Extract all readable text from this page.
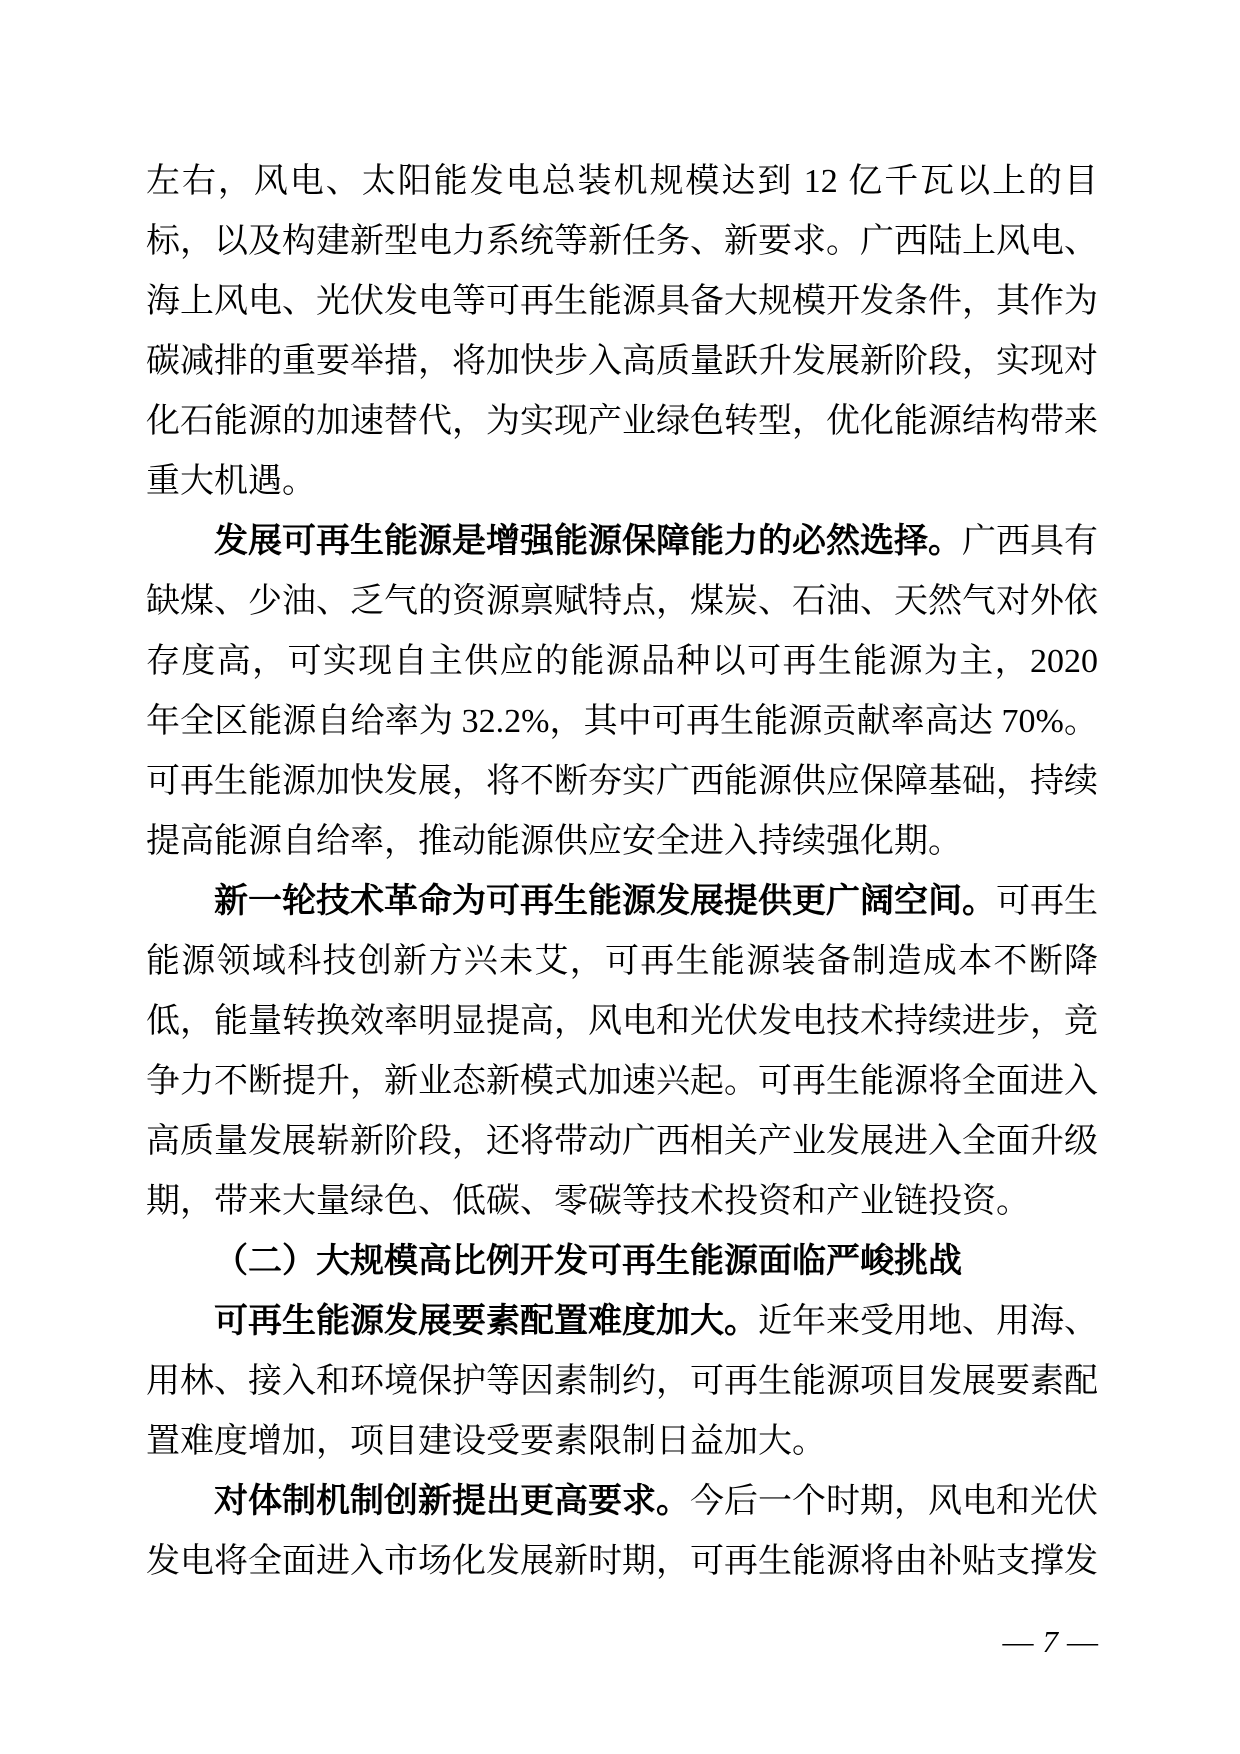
左右，风电、太阳能发电总装机规模达到 12 亿千瓦以上的目标，以及构建新型电力系统等新任务、新要求。广西陆上风电、海上风电、光伏发电等可再生能源具备大规模开发条件，其作为碳减排的重要举措，将加快步入高质量跃升发展新阶段，实现对化石能源的加速替代，为实现产业绿色转型，优化能源结构带来重大机遇。

发展可再生能源是增强能源保障能力的必然选择。广西具有缺煤、少油、乏气的资源禀赋特点，煤炭、石油、天然气对外依存度高，可实现自主供应的能源品种以可再生能源为主，2020 年全区能源自给率为 32.2%，其中可再生能源贡献率高达 70%。可再生能源加快发展，将不断夯实广西能源供应保障基础，持续提高能源自给率，推动能源供应安全进入持续强化期。

新一轮技术革命为可再生能源发展提供更广阔空间。可再生能源领域科技创新方兴未艾，可再生能源装备制造成本不断降低，能量转换效率明显提高，风电和光伏发电技术持续进步，竞争力不断提升，新业态新模式加速兴起。可再生能源将全面进入高质量发展崭新阶段，还将带动广西相关产业发展进入全面升级期，带来大量绿色、低碳、零碳等技术投资和产业链投资。

（二）大规模高比例开发可再生能源面临严峻挑战

可再生能源发展要素配置难度加大。近年来受用地、用海、用林、接入和环境保护等因素制约，可再生能源项目发展要素配置难度增加，项目建设受要素限制日益加大。

对体制机制创新提出更高要求。今后一个时期，风电和光伏发电将全面进入市场化发展新时期，可再生能源将由补贴支撑发

— 7 —
